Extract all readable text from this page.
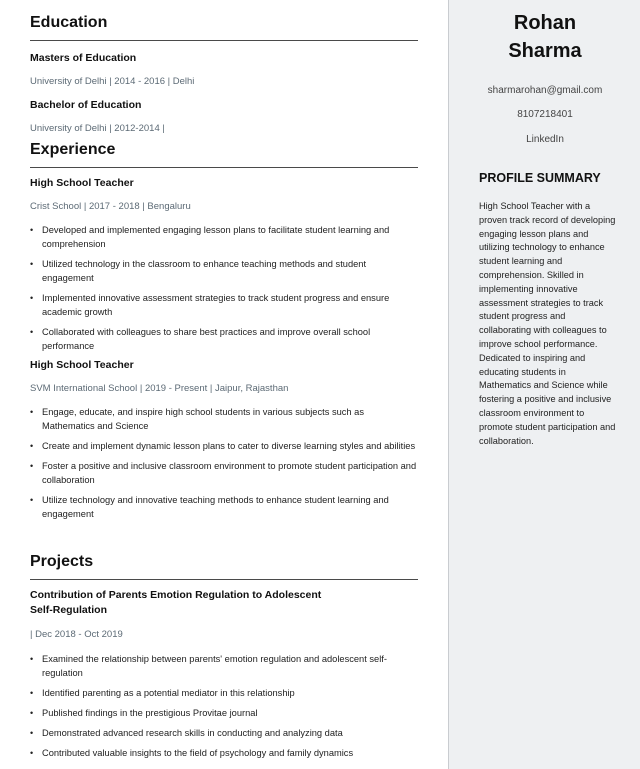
Education
Masters of Education
University of Delhi | 2014 - 2016 | Delhi
Bachelor of Education
University of Delhi | 2012-2014 |
Experience
High School Teacher
Crist School | 2017 - 2018 | Bengaluru
• Developed and implemented engaging lesson plans to facilitate student learning and comprehension
• Utilized technology in the classroom to enhance teaching methods and student engagement
• Implemented innovative assessment strategies to track student progress and ensure academic growth
• Collaborated with colleagues to share best practices and improve overall school performance
High School Teacher
SVM International School | 2019 - Present | Jaipur, Rajasthan
• Engage, educate, and inspire high school students in various subjects such as Mathematics and Science
• Create and implement dynamic lesson plans to cater to diverse learning styles and abilities
• Foster a positive and inclusive classroom environment to promote student participation and collaboration
• Utilize technology and innovative teaching methods to enhance student learning and engagement
Projects
Contribution of Parents Emotion Regulation to Adolescent Self-Regulation
| Dec 2018 - Oct 2019
• Examined the relationship between parents' emotion regulation and adolescent self-regulation
• Identified parenting as a potential mediator in this relationship
• Published findings in the prestigious Provitae journal
• Demonstrated advanced research skills in conducting and analyzing data
• Contributed valuable insights to the field of psychology and family dynamics
Rohan
Sharma
sharmarohan@gmail.com
8107218401
LinkedIn
PROFILE SUMMARY
High School Teacher with a proven track record of developing engaging lesson plans and utilizing technology to enhance student learning and comprehension. Skilled in implementing innovative assessment strategies to track student progress and collaborating with colleagues to improve school performance. Dedicated to inspiring and educating students in Mathematics and Science while fostering a positive and inclusive classroom environment to promote student participation and collaboration.
